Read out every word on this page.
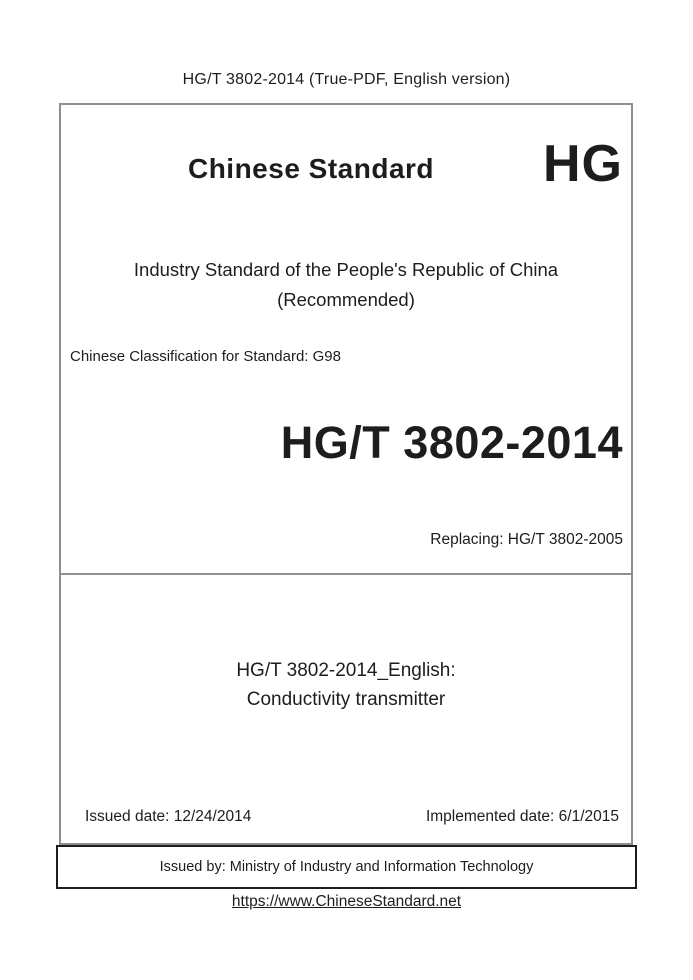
HG/T 3802-2014 (True-PDF, English version)
Chinese Standard	HG
Industry Standard of the People's Republic of China
(Recommended)
Chinese Classification for Standard: G98
HG/T 3802-2014
Replacing: HG/T 3802-2005
HG/T 3802-2014_English:
Conductivity transmitter
Issued date: 12/24/2014	Implemented date: 6/1/2015
Issued by: Ministry of Industry and Information Technology
https://www.ChineseStandard.net
